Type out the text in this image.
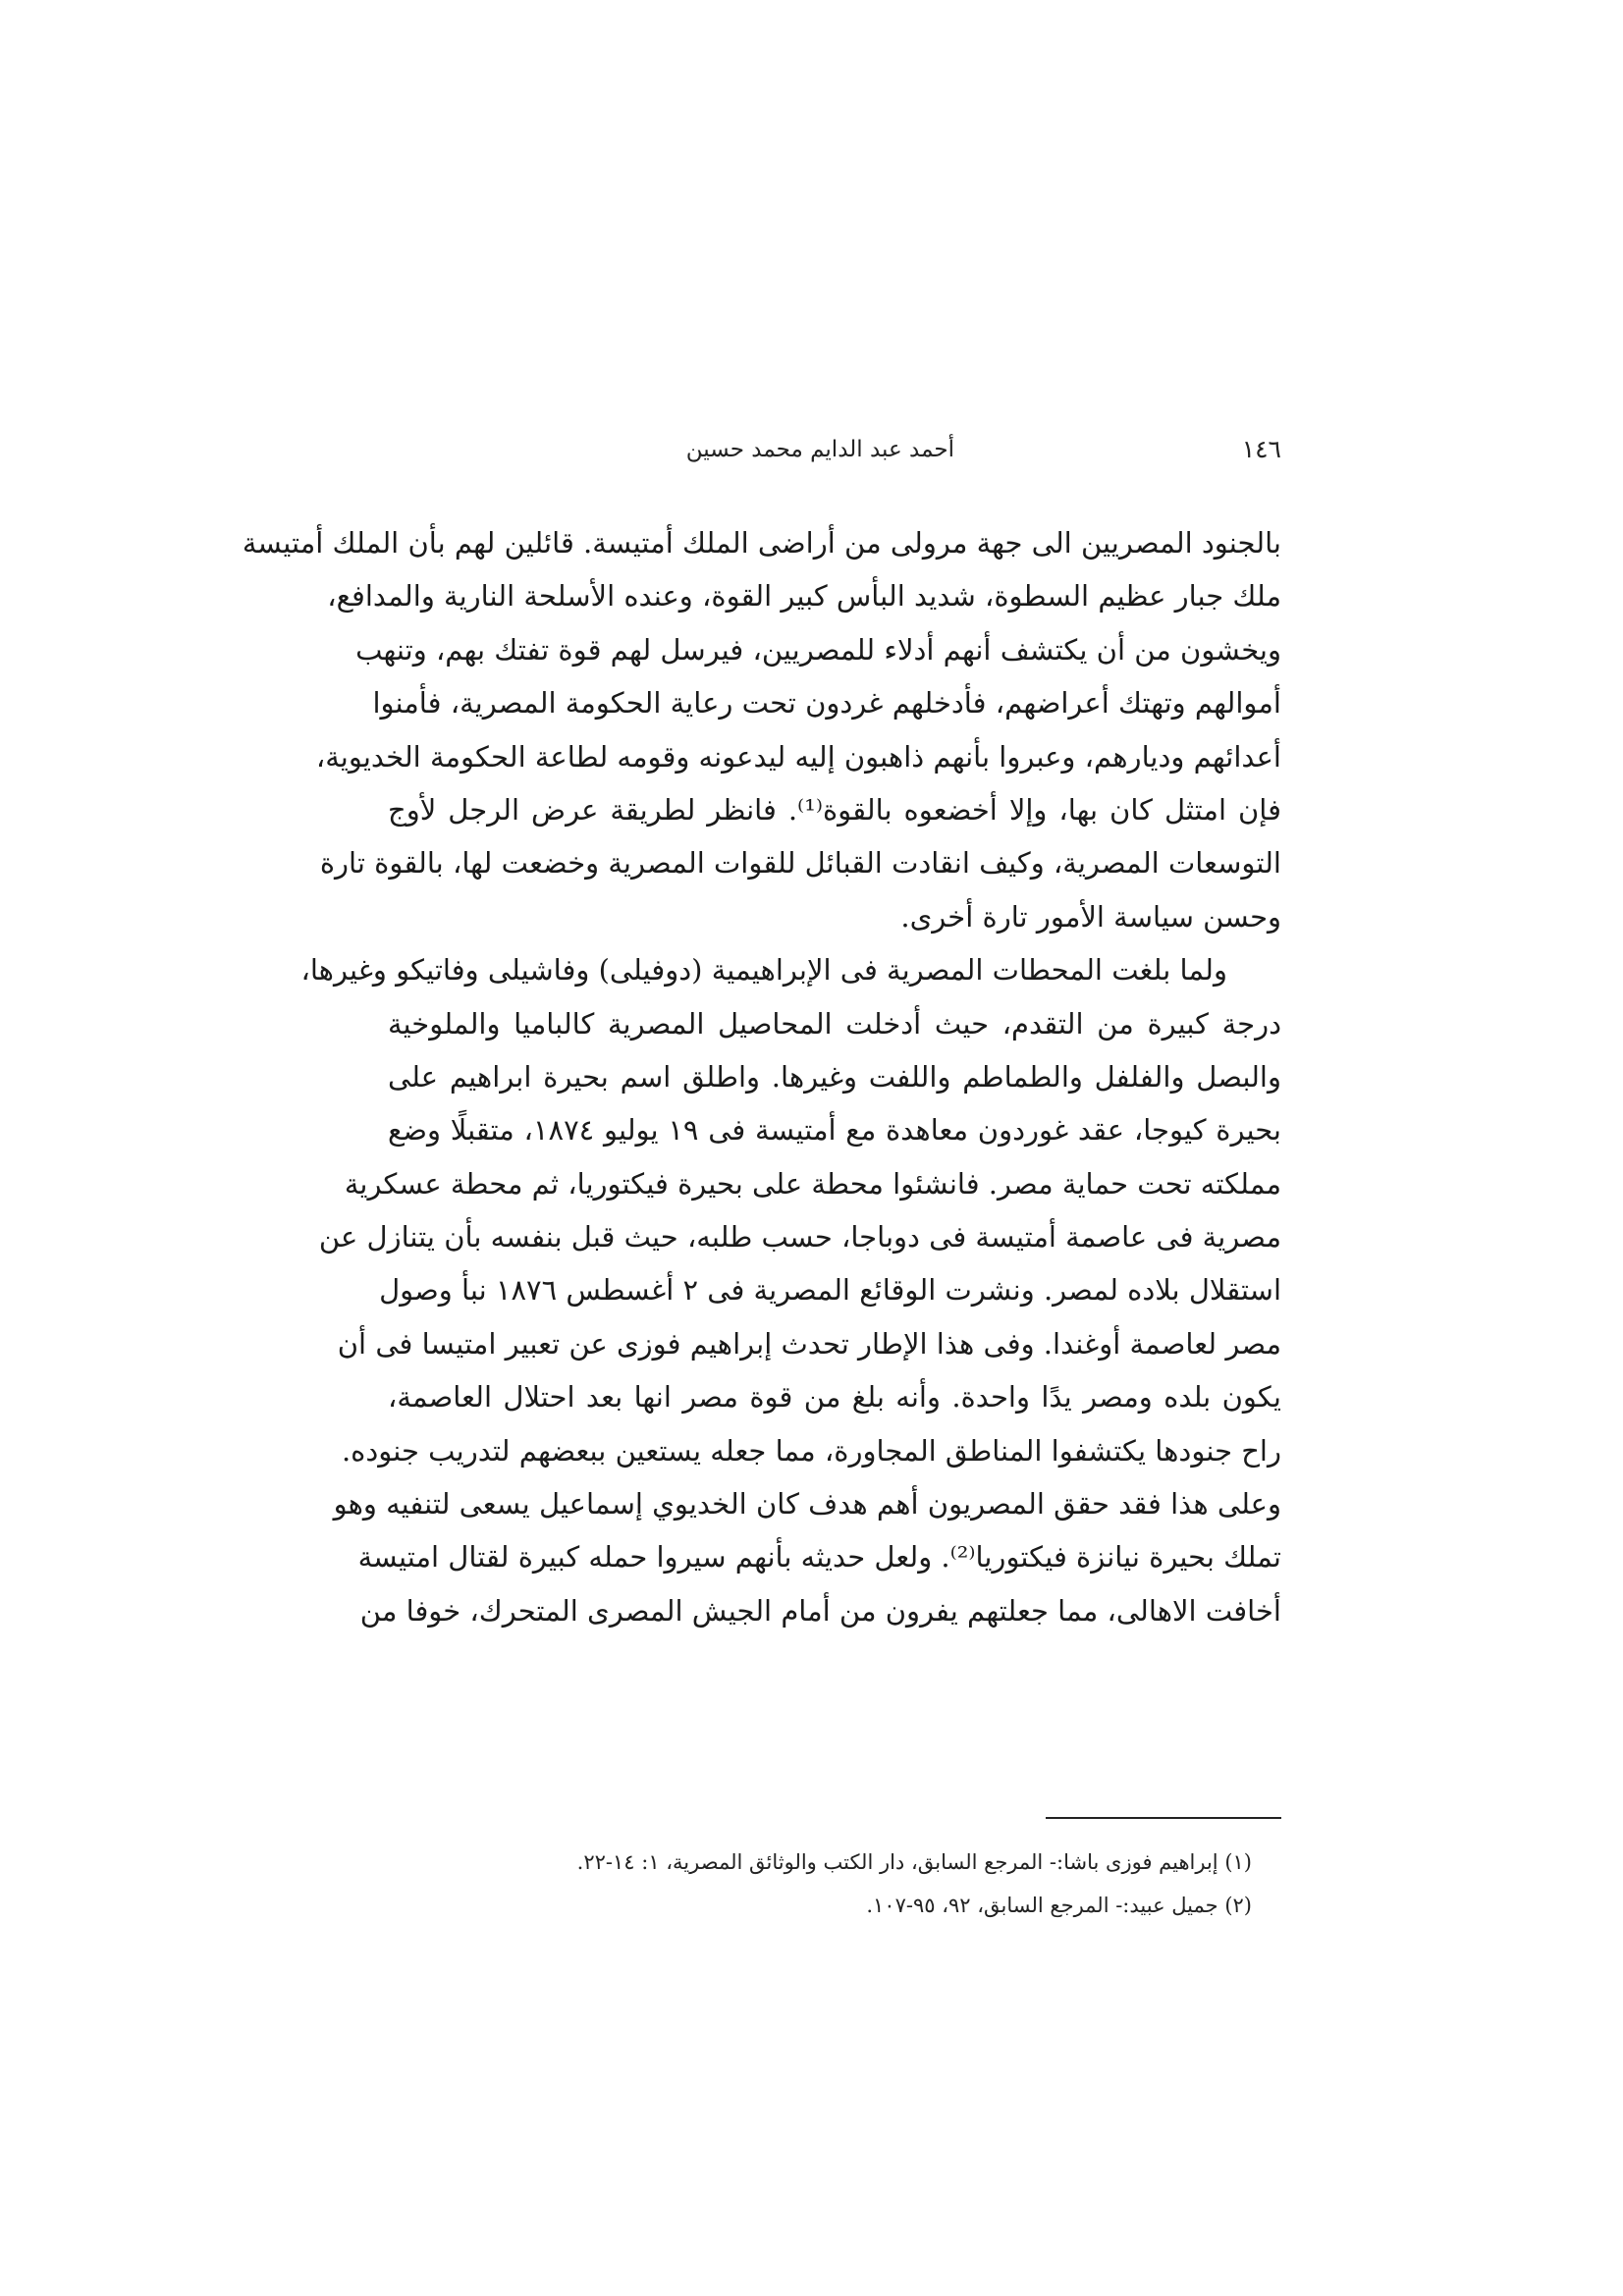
١٤٦
أحمد عبد الدايم محمد حسين
بالجنود المصريين الى جهة مرولى من أراضى الملك أمتيسة. قائلين لهم بأن الملك أمتيسة
ملك جبار عظيم السطوة، شديد البأس كبير القوة، وعنده الأسلحة النارية والمدافع،
ويخشون من أن يكتشف أنهم أدلاء للمصريين، فيرسل لهم قوة تفتك بهم، وتنهب
أموالهم وتهتك أعراضهم، فأدخلهم غردون تحت رعاية الحكومة المصرية، فأمنوا
أعدائهم وديارهم، وعبروا بأنهم ذاهبون إليه ليدعونه وقومه لطاعة الحكومة الخديوية،
فإن امتثل كان بها، وإلا أخضعوه بالقوة⁽¹⁾. فانظر لطريقة عرض الرجل لأوج
التوسعات المصرية، وكيف انقادت القبائل للقوات المصرية وخضعت لها، بالقوة تارة
وحسن سياسة الأمور تارة أخرى.
ولما بلغت المحطات المصرية فى الإبراهيمية (دوفيلى) وفاشيلى وفاتيكو وغيرها،
درجة كبيرة من التقدم، حيث أدخلت المحاصيل المصرية كالباميا والملوخية
والبصل والفلفل والطماطم واللفت وغيرها. واطلق اسم بحيرة ابراهيم على
بحيرة كيوجا، عقد غوردون معاهدة مع أمتيسة فى ١٩ يوليو ١٨٧٤، متقبلًا وضع
مملكته تحت حماية مصر. فانشئوا محطة على بحيرة فيكتوريا، ثم محطة عسكرية
مصرية فى عاصمة أمتيسة فى دوباجا، حسب طلبه، حيث قبل بنفسه بأن يتنازل عن
استقلال بلاده لمصر. ونشرت الوقائع المصرية فى ٢ أغسطس ١٨٧٦ نبأ وصول
مصر لعاصمة أوغندا. وفى هذا الإطار تحدث إبراهيم فوزى عن تعبير امتيسا فى أن
يكون بلده ومصر يدًا واحدة. وأنه بلغ من قوة مصر انها بعد احتلال العاصمة،
راح جنودها يكتشفوا المناطق المجاورة، مما جعله يستعين ببعضهم لتدريب جنوده.
وعلى هذا فقد حقق المصريون أهم هدف كان الخديوي إسماعيل يسعى لتنفيه وهو
تملك بحيرة نيانزة فيكتوريا⁽²⁾. ولعل حديثه بأنهم سيروا حمله كبيرة لقتال امتيسة
أخافت الاهالى، مما جعلتهم يفرون من أمام الجيش المصرى المتحرك، خوفا من
(١) إبراهيم فوزى باشا:- المرجع السابق، دار الكتب والوثائق المصرية، ١: ١٤-٢٢.
(٢) جميل عبيد:- المرجع السابق، ٩٢، ٩٥-١٠٧.
